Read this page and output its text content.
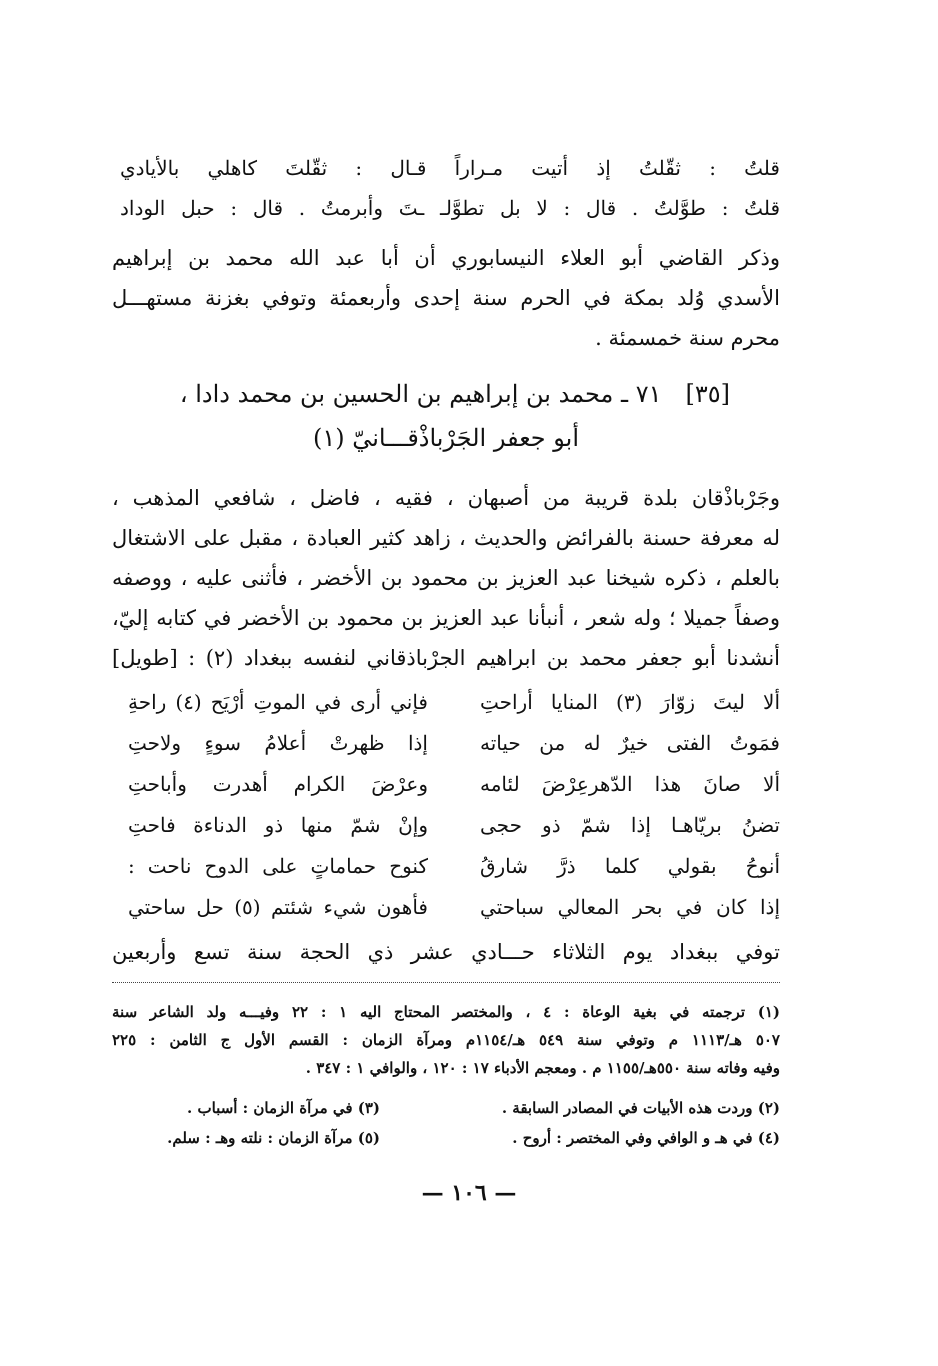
قلتُ : ثقّلتُ إذ أتيت مـراراً قـال : ثقّلتَ كاهلي بالأيادي
قلتُ : طوَّلتُ . قال : لا بل تطوَّلـ ـتَ وأبرمتُ . قال : حبل الوداد
وذكر القاضي أبو العلاء النيسابوري أن أبا عبد الله محمد بن إبراهيم
الأسدي وُلد بمكة في الحرم سنة إحدى وأربعمئة وتوفي بغزنة مستهـــل
محرم سنة خمسمئة .
[٣٥]٧١ ـ محمد بن إبراهيم بن الحسين بن محمد دادا ،
أبو جعفر الجَرْباذْقـــانيّ (١)
وجَرْباذْقان بلدة قريبة من أصبهان ، فقيه ، فاضل ، شافعي المذهب ،
له معرفة حسنة بالفرائض والحديث ، زاهد كثير العبادة ، مقبل على الاشتغال
بالعلم ، ذكره شيخنا عبد العزيز بن محمود بن الأخضر ، فأثنى عليه ، ووصفه
وصفاً جميلا ؛ وله شعر ، أنبأنا عبد العزيز بن محمود بن الأخضر في كتابه إليّ،
أنشدنا أبو جعفر محمد بن ابراهيم الجرْباذقاني لنفسه ببغداد (٢) : [طويل]
ألا ليتَ زوّارَ (٣) المنايا أراحتِ
فإني أرى في الموتِ أرْيَح (٤) راحةِ
فمَوتُ الفتى خيرٌ له من حياته
إذا ظهرتْ أعلامُ سوءٍ ولاحتِ
ألا صانَ هذا الدّهرعِرْضَ لئامه
وعرْضَ الكرام أهدرت وأباحتِ
تضنُ بريّاهـا إذا شمّ ذو حجى
وإنْ شمّ منها ذو الدناءة فاحتِ
أنوحُ بقولي كلما ذرَّ شارقُ
كنوح حماماتٍ على الدوح ناحت :
إذا كان في بحر المعالي سباحتي
فأهون شيء شئتم (٥) حل ساحتي
توفي ببغداد يوم الثلاثاء حـــادي عشر ذي الحجة سنة تسع وأربعين
(١) ترجمته في بغية الوعاة : ٤ ، والمختصر المحتاج اليه ١ : ٢٢ وفيـــه ولد الشاعر سنة
٥٠٧ هـ/١١١٣ م وتوفي سنة ٥٤٩ هـ/١١٥٤م ومرآة الزمان : القسم الأول ج الثامن : ٢٢٥
وفيه وفاته سنة ٥٥٠هـ/١١٥٥ م . ومعجم الأدباء ١٧ : ١٢٠ ، والوافي ١ : ٣٤٧ .
(٢) وردت هذه الأبيات في المصادر السابقة .
(٣) في مرآة الزمان : أسباب .
(٤) في هـ و الوافي وفي المختصر : أروح .
(٥) مرآة الزمان : نلته وهـ : سلم.
— ١٠٦ —
